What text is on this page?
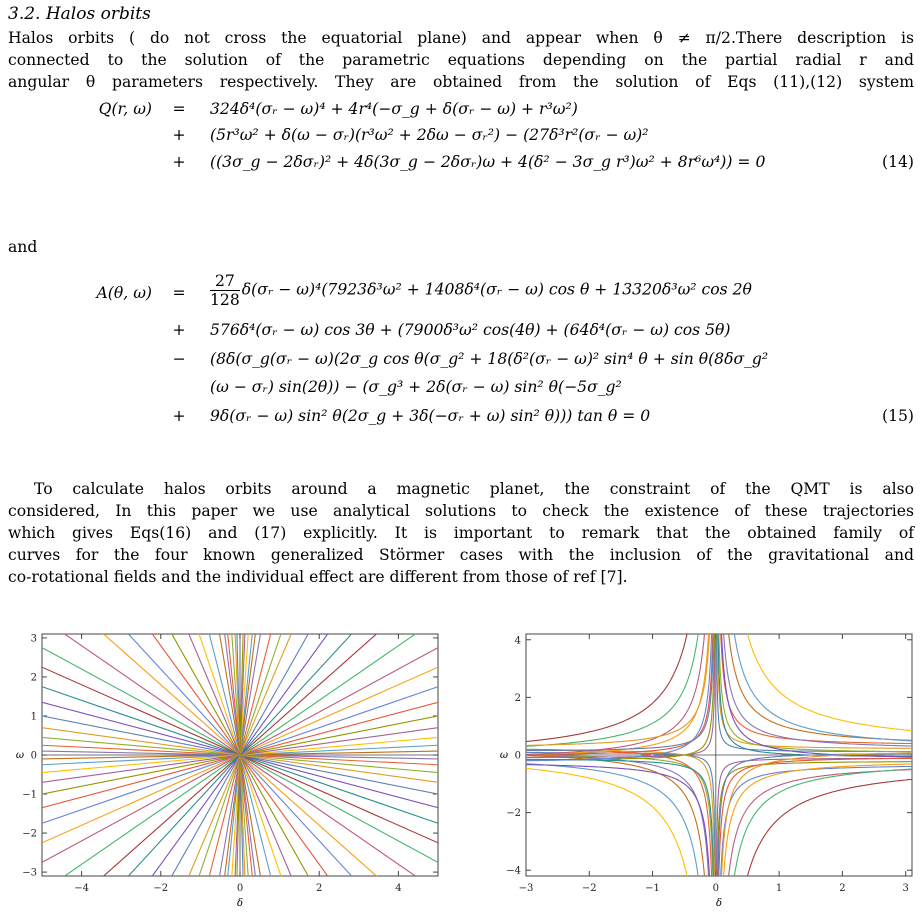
3.2. Halos orbits
Halos orbits ( do not cross the equatorial plane) and appear when θ ≠ π/2.There description is
connected to the solution of the parametric equations depending on the partial radial r and
angular θ parameters respectively. They are obtained from the solution of Eqs (11),(12) system
Q(r, ω) = 324δ⁴(σᵣ − ω)⁴ + 4r⁴(−σ_g + δ(σᵣ − ω) + r³ω²)
+ (5r³ω² + δ(ω − σᵣ)(r³ω² + 2δω − σᵣ²) − (27δ³r²(σᵣ − ω)²
+ ((3σ_g − 2δσᵣ)² + 4δ(3σ_g − 2δσᵣ)ω + 4(δ² − 3σ_g r³)ω² + 8r⁶ω⁴)) = 0	(14)
and
A(θ, $\omega) = \frac{27}{128}$ δ(σᵣ − ω)⁴(7923δ³ω² + 1408δ⁴(σᵣ − ω) cos θ + 13320δ³ω² cos 2θ
+ 576δ⁴(σᵣ − ω) cos 3θ + (7900δ³ω² cos(4θ) + (64δ⁴(σᵣ − ω) cos 5θ)
− (8δ(σ_g(σᵣ − ω)(2σ_g cos θ(σ_g² + 18(δ²(σᵣ − ω)² sin⁴ θ + sin θ(8δσ_g²
(ω − σᵣ) sin(2θ)) − (σ_g³ + 2δ(σᵣ − ω) sin² θ(−5σ_g²
+ 9δ(σᵣ − ω) sin² θ(2σ_g + 3δ(−σᵣ + ω) sin² θ))) tan θ = 0	(15)
To calculate halos orbits around a magnetic planet, the constraint of the QMT is also
considered, In this paper we use analytical solutions to check the existence of these trajectories
which gives Eqs(16) and (17) explicitly. It is important to remark that the obtained family of
curves for the four known generalized Störmer cases with the inclusion of the gravitational and
co-rotational fields and the individual effect are different from those of ref [7].
−4	−2	0	2	4
−3
−2
−1
0
1
2
3
δ
ω
−3	−2	−1	0	1	2	3
−4
−2
0
2
4
δ
ω
